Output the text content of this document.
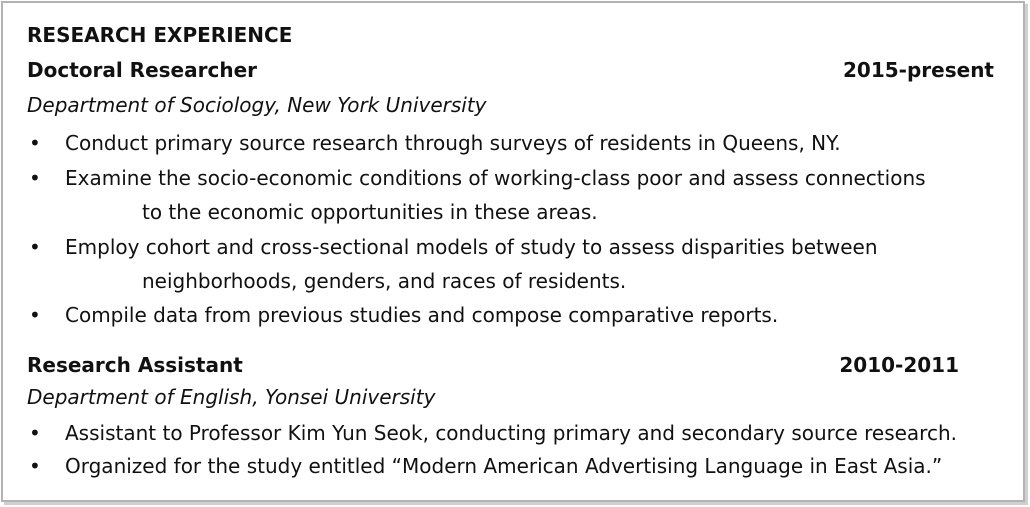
RESEARCH EXPERIENCE
Doctoral Researcher	2015-present
Department of Sociology, New York University
• Conduct primary source research through surveys of residents in Queens, NY.
• Examine the socio-economic conditions of working-class poor and assess connections
to the economic opportunities in these areas.
• Employ cohort and cross-sectional models of study to assess disparities between
neighborhoods, genders, and races of residents.
• Compile data from previous studies and compose comparative reports.
Research Assistant	2010-2011
Department of English, Yonsei University
• Assistant to Professor Kim Yun Seok, conducting primary and secondary source research.
• Organized for the study entitled “Modern American Advertising Language in East Asia.”
